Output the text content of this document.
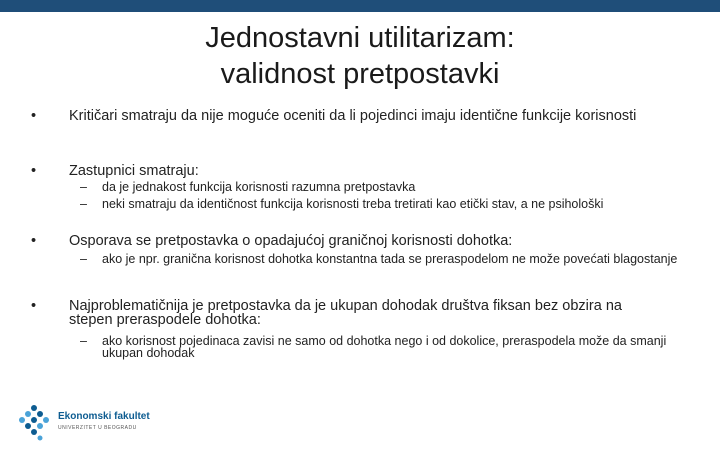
Jednostavni utilitarizam:
validnost pretpostavki
• Kritičari smatraju da nije moguće oceniti da li pojedinci imaju identične funkcije korisnosti
• Zastupnici smatraju:
– da je jednakost funkcija korisnosti razumna pretpostavka
– neki smatraju da identičnost funkcija korisnosti treba tretirati kao etički stav, a ne psihološki
• Osporava se pretpostavka o opadajućoj graničnoj korisnosti dohotka:
– ako je npr. granična korisnost dohotka konstantna tada se preraspodelom ne može povećati blagostanje
• Najproblematičnija je pretpostavka da je ukupan dohodak društva fiksan bez obzira na stepen preraspodele dohotka:
– ako korisnost pojedinaca zavisi ne samo od dohotka nego i od dokolice, preraspodela može da smanji ukupan dohodak
Ekonomski fakultet
UNIVERZITET U BEOGRADU
